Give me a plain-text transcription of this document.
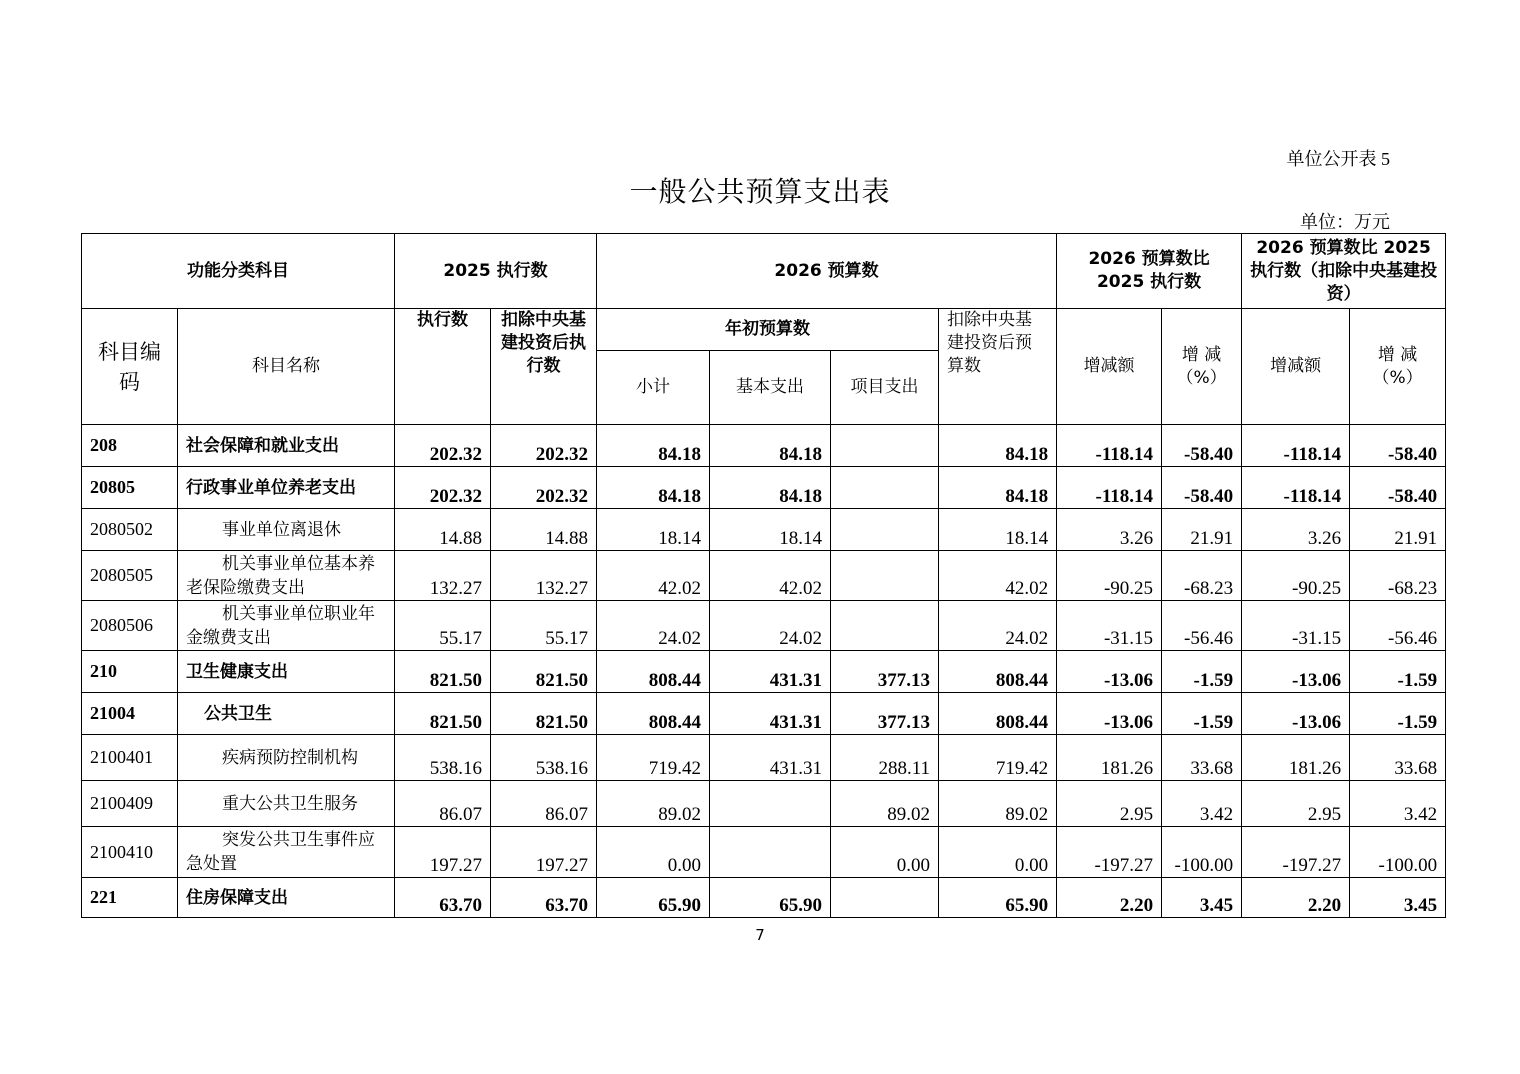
单位公开表 5
一般公共预算支出表
单位：万元
功能分类科目		2025 执行数		2026 预算数				2026 预算数比 2025 执行数		2026 预算数比 2025 执行数（扣除中央基建投资）	
科目编码	科目名称	执行数	扣除中央基建投资后执行数	年初预算数			扣除中央基建投资后预算数	增减额	增 减（%）	增减额	增 减（%）
				小计	基本支出	项目支出					
208	社会保障和就业支出	202.32	202.32	84.18	84.18		84.18	-118.14	-58.40	-118.14	-58.40
20805	行政事业单位养老支出	202.32	202.32	84.18	84.18		84.18	-118.14	-58.40	-118.14	-58.40
2080502	事业单位离退休	14.88	14.88	18.14	18.14		18.14	3.26	21.91	3.26	21.91
2080505	机关事业单位基本养老保险缴费支出	132.27	132.27	42.02	42.02		42.02	-90.25	-68.23	-90.25	-68.23
2080506	机关事业单位职业年金缴费支出	55.17	55.17	24.02	24.02		24.02	-31.15	-56.46	-31.15	-56.46
210	卫生健康支出	821.50	821.50	808.44	431.31	377.13	808.44	-13.06	-1.59	-13.06	-1.59
21004	公共卫生	821.50	821.50	808.44	431.31	377.13	808.44	-13.06	-1.59	-13.06	-1.59
2100401	疾病预防控制机构	538.16	538.16	719.42	431.31	288.11	719.42	181.26	33.68	181.26	33.68
2100409	重大公共卫生服务	86.07	86.07	89.02		89.02	89.02	2.95	3.42	2.95	3.42
2100410	突发公共卫生事件应急处置	197.27	197.27	0.00		0.00	0.00	-197.27	-100.00	-197.27	-100.00
221	住房保障支出	63.70	63.70	65.90	65.90		65.90	2.20	3.45	2.20	3.45
7
